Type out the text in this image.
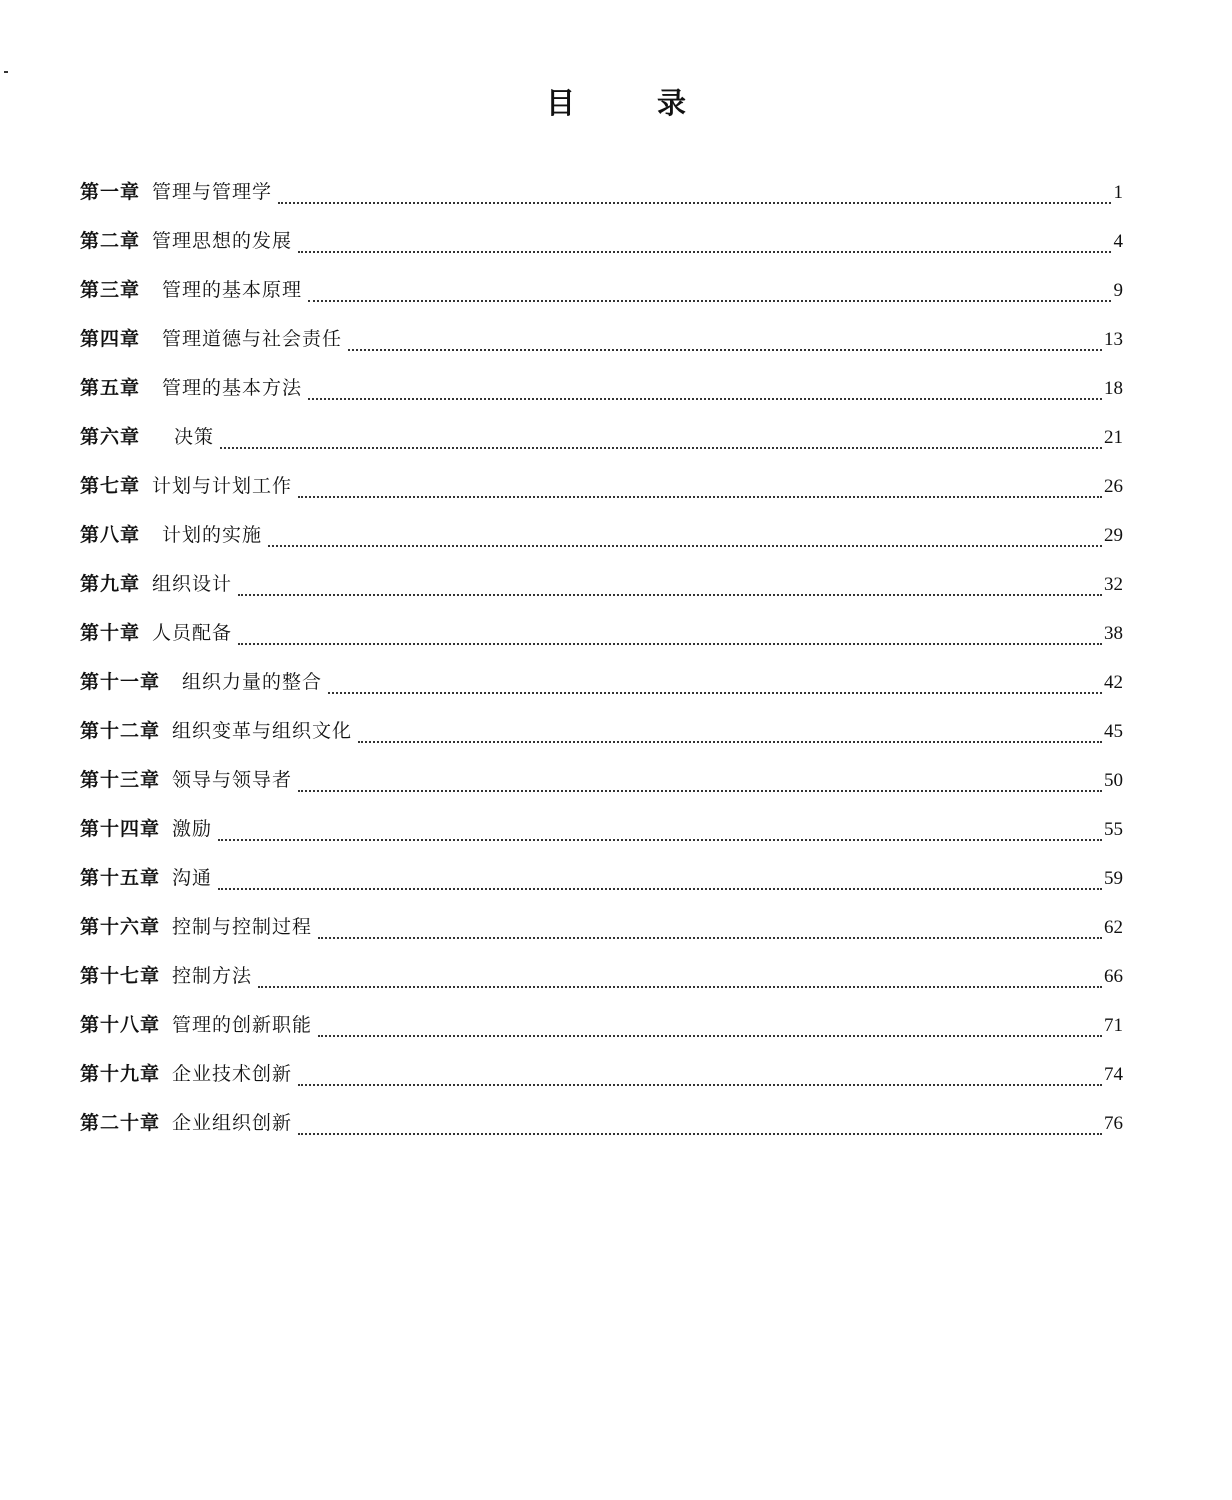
目 录
第一章 管理与管理学	1
第二章 管理思想的发展	4
第三章	管理的基本原理	9
第四章	管理道德与社会责任	13
第五章	管理的基本方法	18
第六章	决策	21
第七章 计划与计划工作	26
第八章	计划的实施	29
第九章 组织设计	32
第十章 人员配备	38
第十一章	组织力量的整合	42
第十二章 组织变革与组织文化	45
第十三章 领导与领导者	50
第十四章 激励	55
第十五章 沟通	59
第十六章 控制与控制过程	62
第十七章 控制方法	66
第十八章 管理的创新职能	71
第十九章 企业技术创新	74
第二十章 企业组织创新	76
